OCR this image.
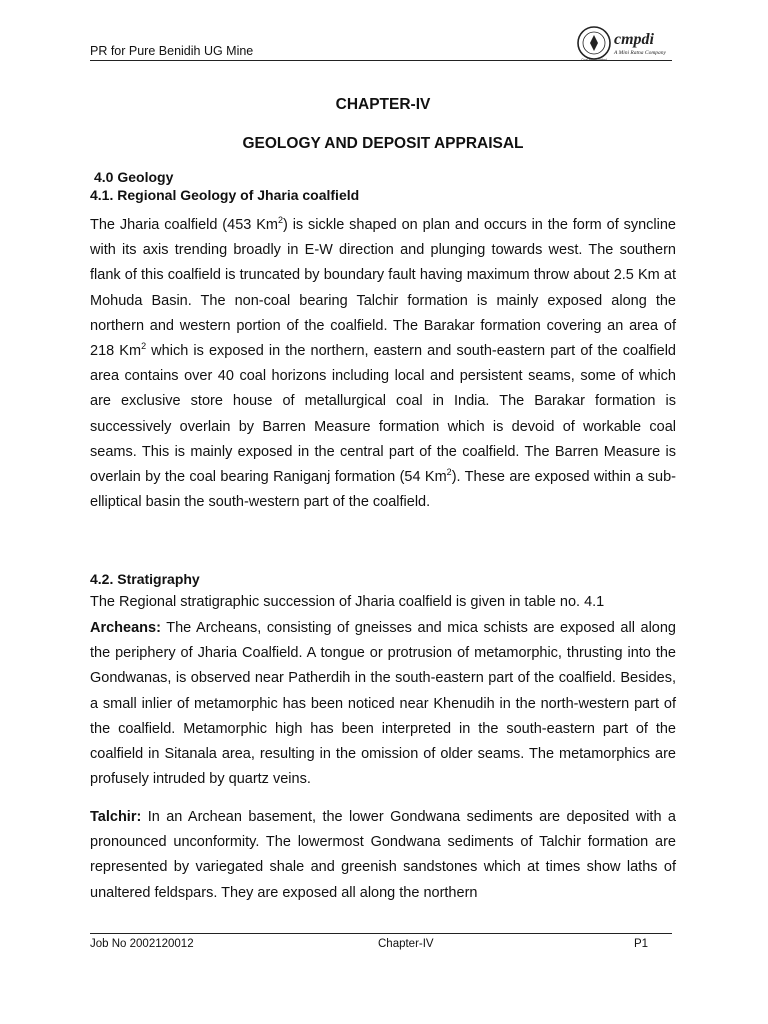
PR for Pure Benidih UG Mine
cmpdi
A Mini Ratna Company
CHAPTER-IV
GEOLOGY AND DEPOSIT APPRAISAL
4.0 Geology
4.1. Regional Geology of Jharia coalfield

The Jharia coalfield (453 Km$^2$) is sickle shaped on plan and occurs in the form of syncline with its axis trending broadly in E-W direction and plunging towards west. The southern flank of this coalfield is truncated by boundary fault having maximum throw about 2.5 Km at Mohuda Basin. The non-coal bearing Talchir formation is mainly exposed along the northern and western portion of the coalfield. The Barakar formation covering an area of 218 Km$^2$ which is exposed in the northern, eastern and south-eastern part of the coalfield area contains over 40 coal horizons including local and persistent seams, some of which are exclusive store house of metallurgical coal in India. The Barakar formation is successively overlain by Barren Measure formation which is devoid of workable coal seams. This is mainly exposed in the central part of the coalfield. The Barren Measure is overlain by the coal bearing Raniganj formation (54 Km$^2$). These are exposed within a sub-elliptical basin the south-western part of the coalfield.

4.2. Stratigraphy

The Regional stratigraphic succession of Jharia coalfield is given in table no. 4.1

Archeans: The Archeans, consisting of gneisses and mica schists are exposed all along the periphery of Jharia Coalfield. A tongue or protrusion of metamorphic, thrusting into the Gondwanas, is observed near Patherdih in the south-eastern part of the coalfield. Besides, a small inlier of metamorphic has been noticed near Khenudih in the north-western part of the coalfield. Metamorphic high has been interpreted in the south-eastern part of the coalfield in Sitanala area, resulting in the omission of older seams. The metamorphics are profusely intruded by quartz veins.

Talchir: In an Archean basement, the lower Gondwana sediments are deposited with a pronounced unconformity. The lowermost Gondwana sediments of Talchir formation are represented by variegated shale and greenish sandstones which at times show laths of unaltered feldspars. They are exposed all along the northern

Job No 2002120012	Chapter-IV	P1
